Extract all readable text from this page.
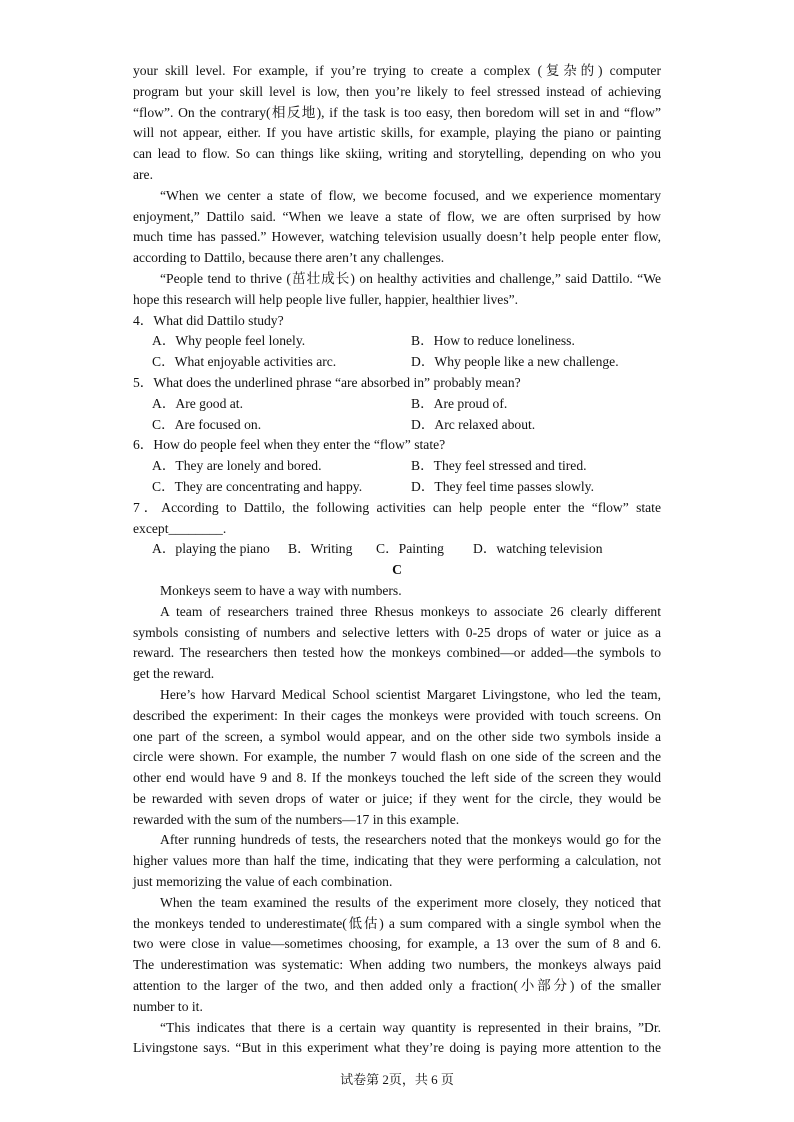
your skill level. For example, if you’re trying to create a complex (复杂的) computer
program but your skill level is low, then you’re likely to feel stressed instead of achieving
“flow”. On the contrary(相反地), if the task is too easy, then boredom will set in and “flow”
will not appear, either. If you have artistic skills, for example, playing the piano or painting
can lead to flow. So can things like skiing, writing and storytelling, depending on who you
are.
“When we center a state of flow, we become focused, and we experience momentary
enjoyment,” Dattilo said. “When we leave a state of flow, we are often surprised by how
much time has passed.” However, watching television usually doesn’t help people enter flow,
according to Dattilo, because there aren’t any challenges.
“People tend to thrive (茁壮成长) on healthy activities and challenge,” said Dattilo. “We
hope this research will help people live fuller, happier, healthier lives”.
4．What did Dattilo study?
A．Why people feel lonely.	B．How to reduce loneliness.
C．What enjoyable activities arc.	D．Why people like a new challenge.
5．What does the underlined phrase “are absorbed in” probably mean?
A．Are good at.	B．Are proud of.
C．Are focused on.	D．Arc relaxed about.
6．How do people feel when they enter the “flow” state?
A．They are lonely and bored.	B．They feel stressed and tired.
C．They are concentrating and happy.	D．They feel time passes slowly.
7．According to Dattilo, the following activities can help people enter the “flow” state
except________.
A．playing the piano B．Writing C．Painting D．watching television
C
Monkeys seem to have a way with numbers.
A team of researchers trained three Rhesus monkeys to associate 26 clearly different
symbols consisting of numbers and selective letters with 0-25 drops of water or juice as a
reward. The researchers then tested how the monkeys combined—or added—the symbols to
get the reward.
Here’s how Harvard Medical School scientist Margaret Livingstone, who led the team,
described the experiment: In their cages the monkeys were provided with touch screens. On
one part of the screen, a symbol would appear, and on the other side two symbols inside a
circle were shown. For example, the number 7 would flash on one side of the screen and the
other end would have 9 and 8. If the monkeys touched the left side of the screen they would
be rewarded with seven drops of water or juice; if they went for the circle, they would be
rewarded with the sum of the numbers—17 in this example.
After running hundreds of tests, the researchers noted that the monkeys would go for the
higher values more than half the time, indicating that they were performing a calculation, not
just memorizing the value of each combination.
When the team examined the results of the experiment more closely, they noticed that
the monkeys tended to underestimate(低估) a sum compared with a single symbol when the
two were close in value—sometimes choosing, for example, a 13 over the sum of 8 and 6.
The underestimation was systematic: When adding two numbers, the monkeys always paid
attention to the larger of the two, and then added only a fraction(小部分) of the smaller
number to it.
“This indicates that there is a certain way quantity is represented in their brains, ”Dr.
Livingstone says. “But in this experiment what they’re doing is paying more attention to the
试卷第 2页，共 6 页
